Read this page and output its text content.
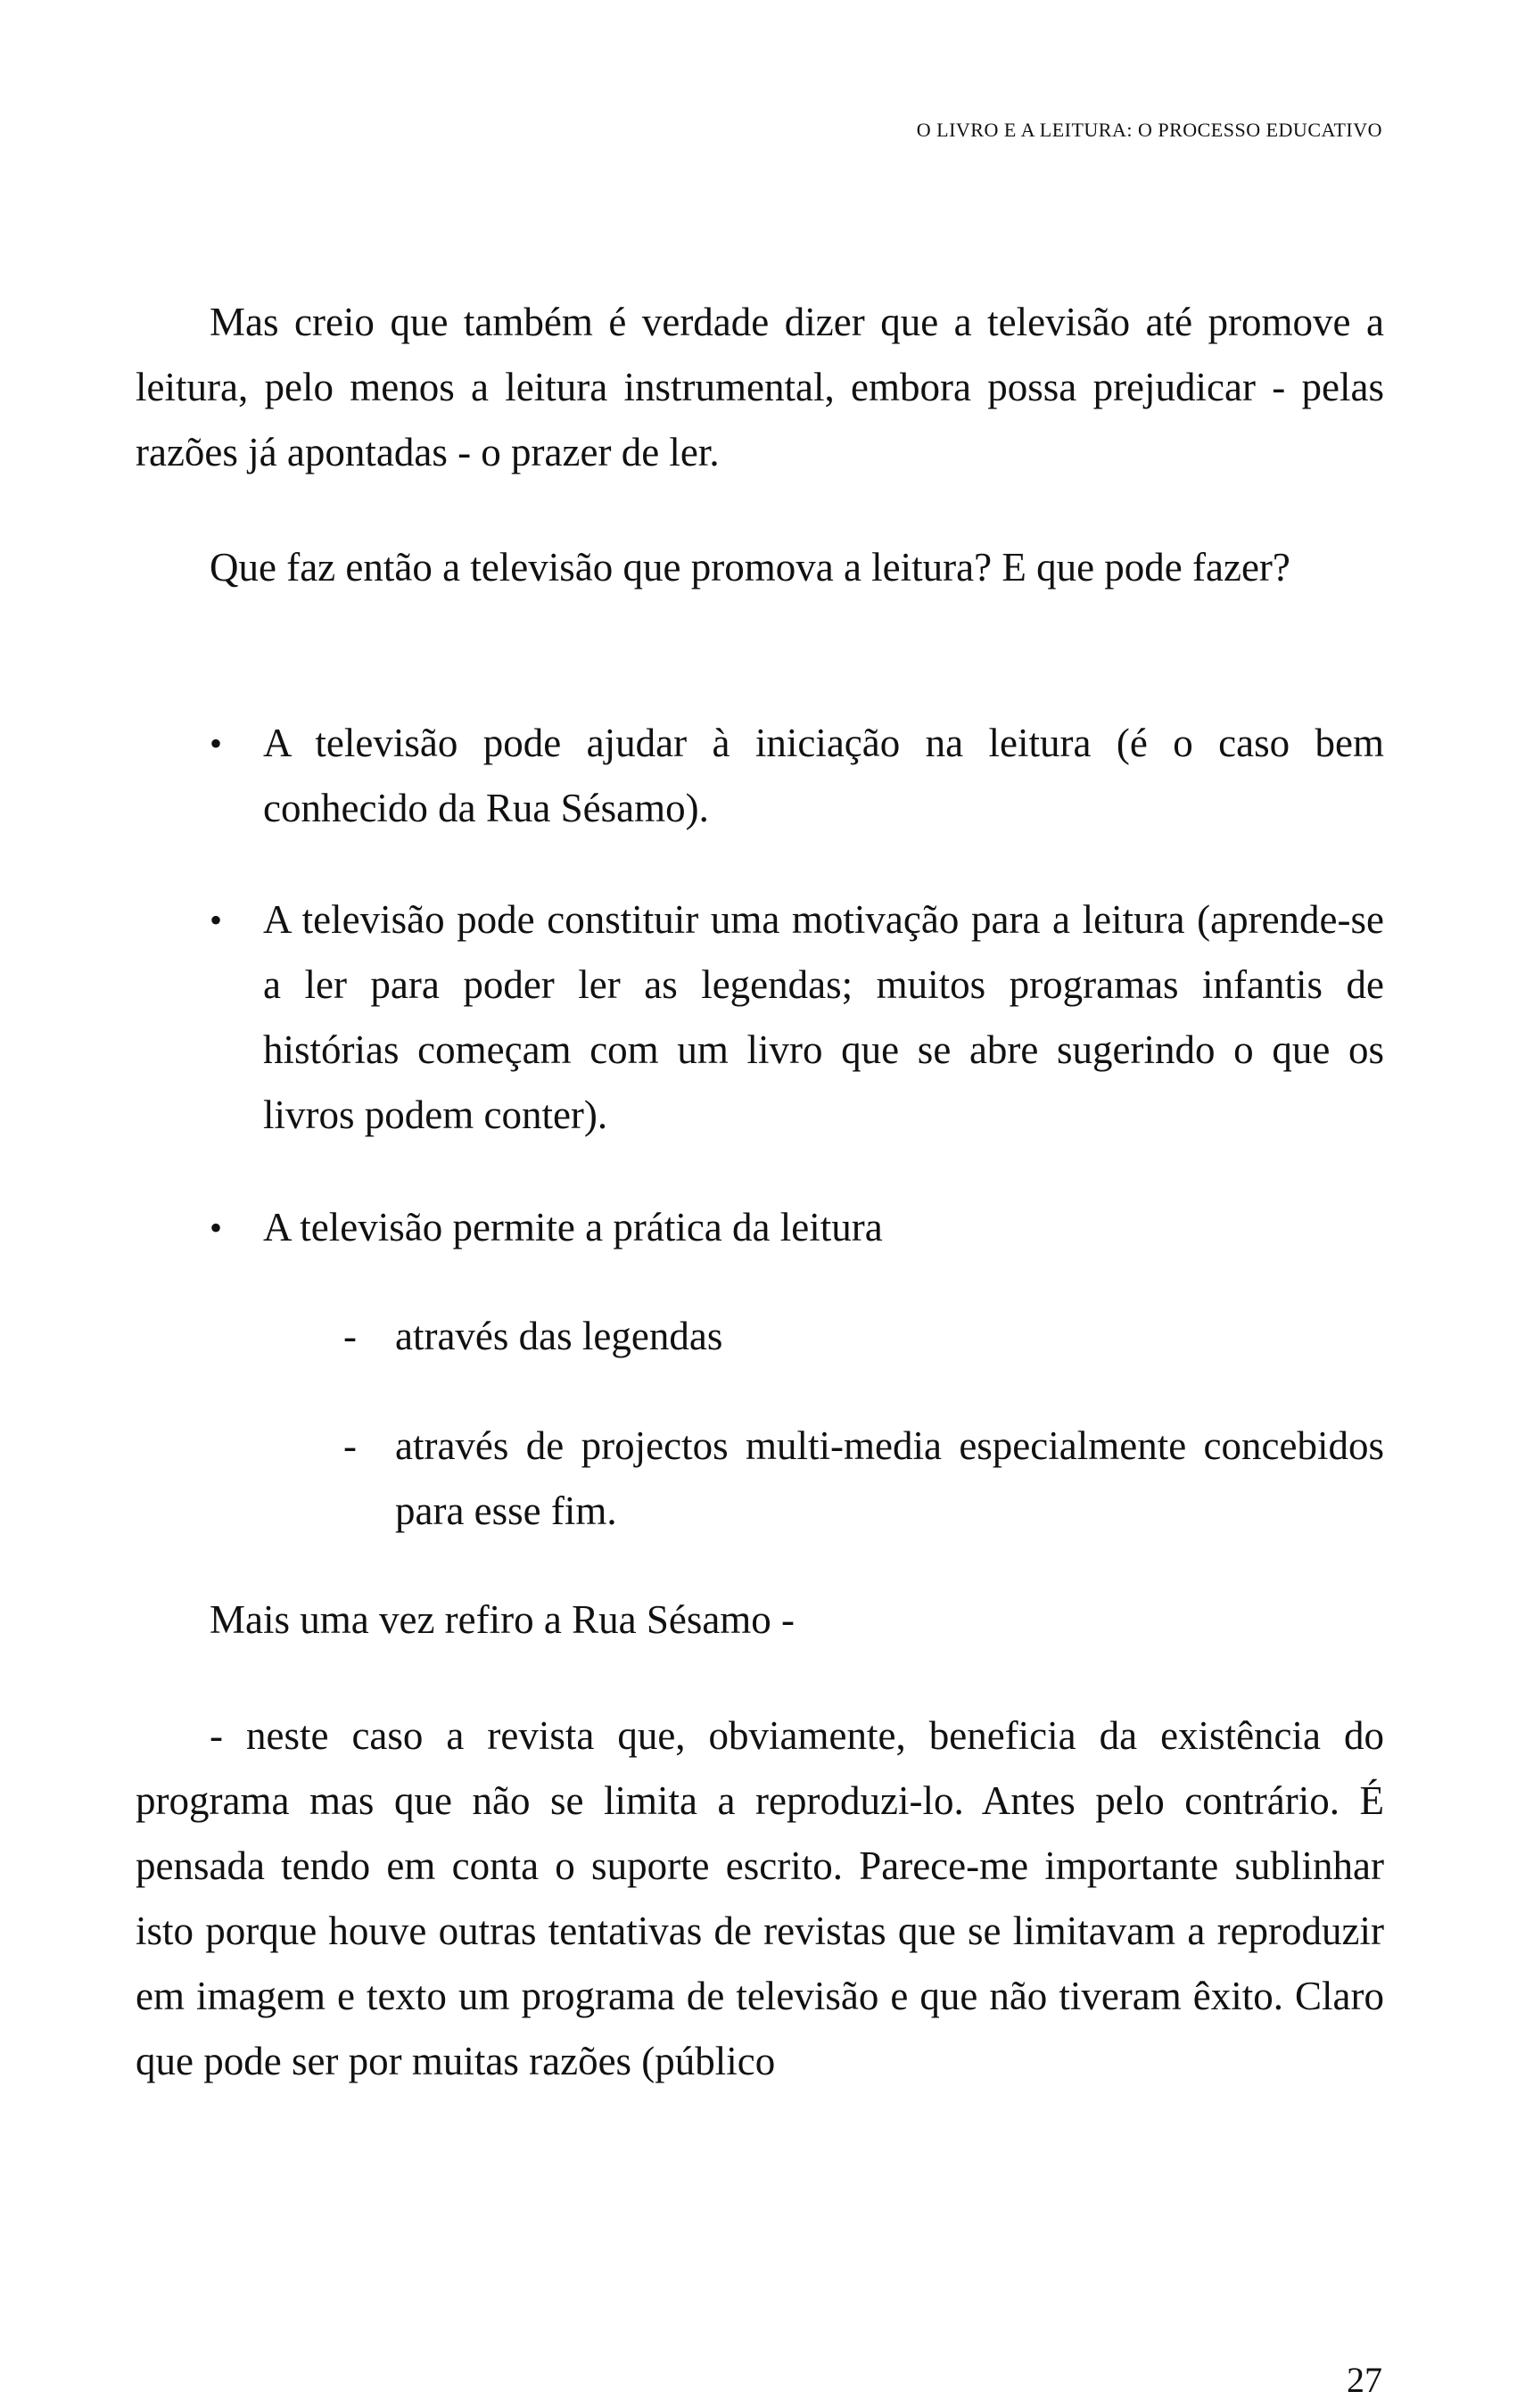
O LIVRO E A LEITURA: O PROCESSO EDUCATIVO

Mas creio que também é verdade dizer que a televisão até promove a leitura, pelo menos a leitura instrumental, embora possa prejudicar - pelas razões já apontadas - o prazer de ler.

Que faz então a televisão que promova a leitura? E que pode fazer?

• A televisão pode ajudar à iniciação na leitura (é o caso bem conhecido da Rua Sésamo).
• A televisão pode constituir uma motivação para a leitura (aprende-se a ler para poder ler as legendas; muitos programas infantis de histórias começam com um livro que se abre sugerindo o que os livros podem conter).
• A televisão permite a prática da leitura
- através das legendas
- através de projectos multi-media especialmente concebidos para esse fim.

Mais uma vez refiro a Rua Sésamo -

- neste caso a revista que, obviamente, beneficia da existência do programa mas que não se limita a reproduzi-lo. Antes pelo contrário. É pensada tendo em conta o suporte escrito. Parece-me importante sublinhar isto porque houve outras tentativas de revistas que se limitavam a reproduzir em imagem e texto um programa de televisão e que não tiveram êxito. Claro que pode ser por muitas razões (público

27
